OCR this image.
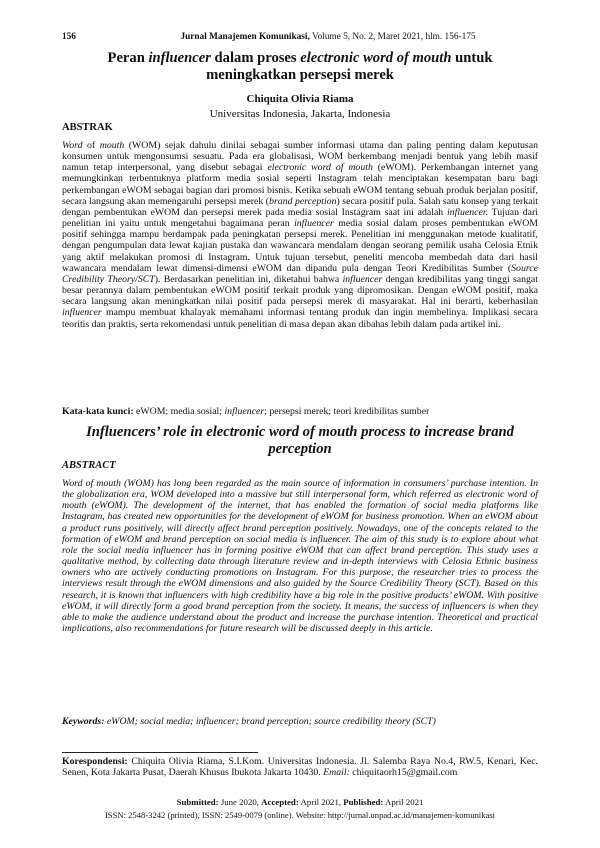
156	Jurnal Manajemen Komunikasi, Volume 5, No. 2, Maret 2021, hlm. 156-175
Peran influencer dalam proses electronic word of mouth untuk meningkatkan persepsi merek
Chiquita Olivia Riama
Universitas Indonesia, Jakarta, Indonesia
ABSTRAK
Word of mouth (WOM) sejak dahulu dinilai sebagai sumber informasi utama dan paling penting dalam keputusan konsumen untuk mengonsumsi sesuatu. Pada era globalisasi, WOM berkembang menjadi bentuk yang lebih masif namun tetap interpersonal, yang disebut sebagai electronic word of mouth (eWOM). Perkembangan internet yang memungkinkan terbentuknya platform media sosial seperti Instagram telah menciptakan kesempatan baru bagi perkembangan eWOM sebagai bagian dari promosi bisnis. Ketika sebuah eWOM tentang sebuah produk berjalan positif, secara langsung akan memengaruhi persepsi merek (brand perception) secara positif pula. Salah satu konsep yang terkait dengan pembentukan eWOM dan persepsi merek pada media sosial Instagram saat ini adalah influencer. Tujuan dari penelitian ini yaitu untuk mengetahui bagaimana peran influencer media sosial dalam proses pembentukan eWOM positif sehingga mampu berdampak pada peningkatan persepsi merek. Penelitian ini menggunakan metode kualitatif, dengan pengumpulan data lewat kajian pustaka dan wawancara mendalam dengan seorang pemilik usaha Celosia Etnik yang aktif melakukan promosi di Instagram. Untuk tujuan tersebut, peneliti mencoba membedah data dari hasil wawancara mendalam lewat dimensi-dimensi eWOM dan dipandu pula dengan Teori Kredibilitas Sumber (Source Credibility Theory/SCT). Berdasarkan penelitian ini, diketahui bahwa influencer dengan kredibilitas yang tinggi sangat besar perannya dalam pembentukan eWOM positif terkait produk yang dipromosikan. Dengan eWOM positif, maka secara langsung akan meningkatkan nilai positif pada persepsi merek di masyarakat. Hal ini berarti, keberhasilan influencer mampu membuat khalayak memahami informasi tentang produk dan ingin membelinya. Implikasi secara teoritis dan praktis, serta rekomendasi untuk penelitian di masa depan akan dibahas lebih dalam pada artikel ini.
Kata-kata kunci: eWOM; media sosial; influencer; persepsi merek; teori kredibilitas sumber
Influencers’ role in electronic word of mouth process to increase brand perception
ABSTRACT
Word of mouth (WOM) has long been regarded as the main source of information in consumers’ purchase intention. In the globalization era, WOM developed into a massive but still interpersonal form, which referred as electronic word of mouth (eWOM). The development of the internet, that has enabled the formation of social media platforms like Instagram, has created new opportunities for the development of eWOM for business promotion. When an eWOM about a product runs positively, will directly affect brand perception positively. Nowadays, one of the concepts related to the formation of eWOM and brand perception on social media is influencer. The aim of this study is to explore about what role the social media influencer has in forming positive eWOM that can affect brand perception. This study uses a qualitative method, by collecting data through literature review and in-depth interviews with Celosia Ethnic business owners who are actively conducting promotions on Instagram. For this purpose, the researcher tries to process the interviews result through the eWOM dimensions and also guided by the Source Credibility Theory (SCT). Based on this research, it is known that influencers with high credibility have a big role in the positive products’ eWOM. With positive eWOM, it will directly form a good brand perception from the society. It means, the success of influencers is when they able to make the audience understand about the product and increase the purchase intention. Theoretical and practical implications, also recommendations for future research will be discussed deeply in this article.
Keywords: eWOM; social media; influencer; brand perception; source credibility theory (SCT)
Korespondensi: Chiquita Olivia Riama, S.I.Kom. Universitas Indonesia. Jl. Salemba Raya No.4, RW.5, Kenari, Kec. Senen, Kota Jakarta Pusat, Daerah Khusus Ibukota Jakarta 10430. Email: chiquitaorh15@gmail.com
Submitted: June 2020, Accepted: April 2021, Published: April 2021
ISSN: 2548-3242 (printed), ISSN: 2549-0079 (online). Website: http://jurnal.unpad.ac.id/manajemen-komunikasi
